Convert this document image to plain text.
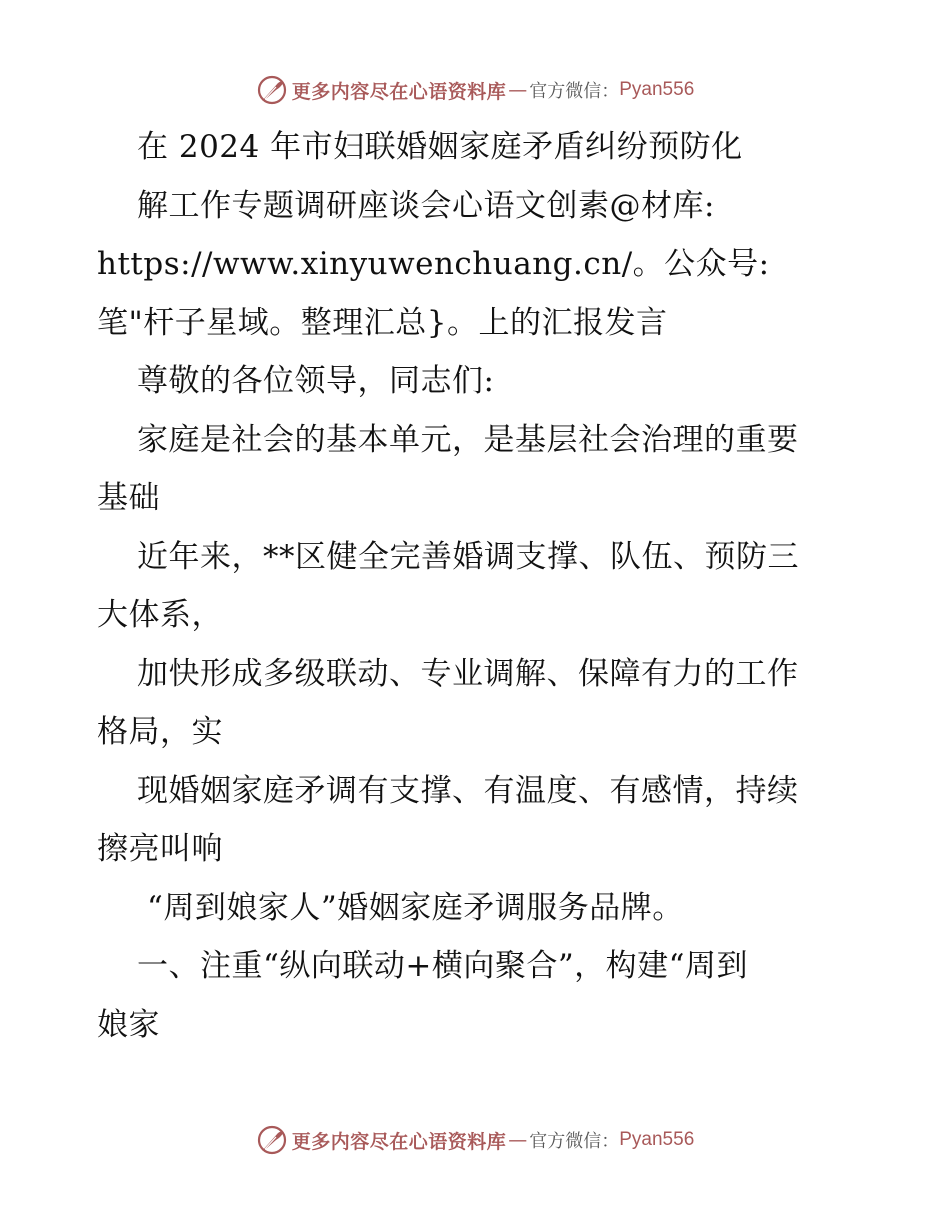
更多内容尽在心语资料库 — 官方微信： Pyan556
在 2024 年市妇联婚姻家庭矛盾纠纷预防化
解工作专题调研座谈会心语文创素@材库:
https://www.xinyuwenchuang.cn/。公众号:
笔"杆子星域。整理汇总}。上的汇报发言
尊敬的各位领导，同志们:
家庭是社会的基本单元，是基层社会治理的重要
基础
近年来，**区健全完善婚调支撑、队伍、预防三
大体系，
加快形成多级联动、专业调解、保障有力的工作
格局，实
现婚姻家庭矛调有支撑、有温度、有感情，持续
擦亮叫响
“周到娘家人”婚姻家庭矛调服务品牌。
一、注重“纵向联动+横向聚合”，构建“周到
娘家
更多内容尽在心语资料库 — 官方微信： Pyan556
